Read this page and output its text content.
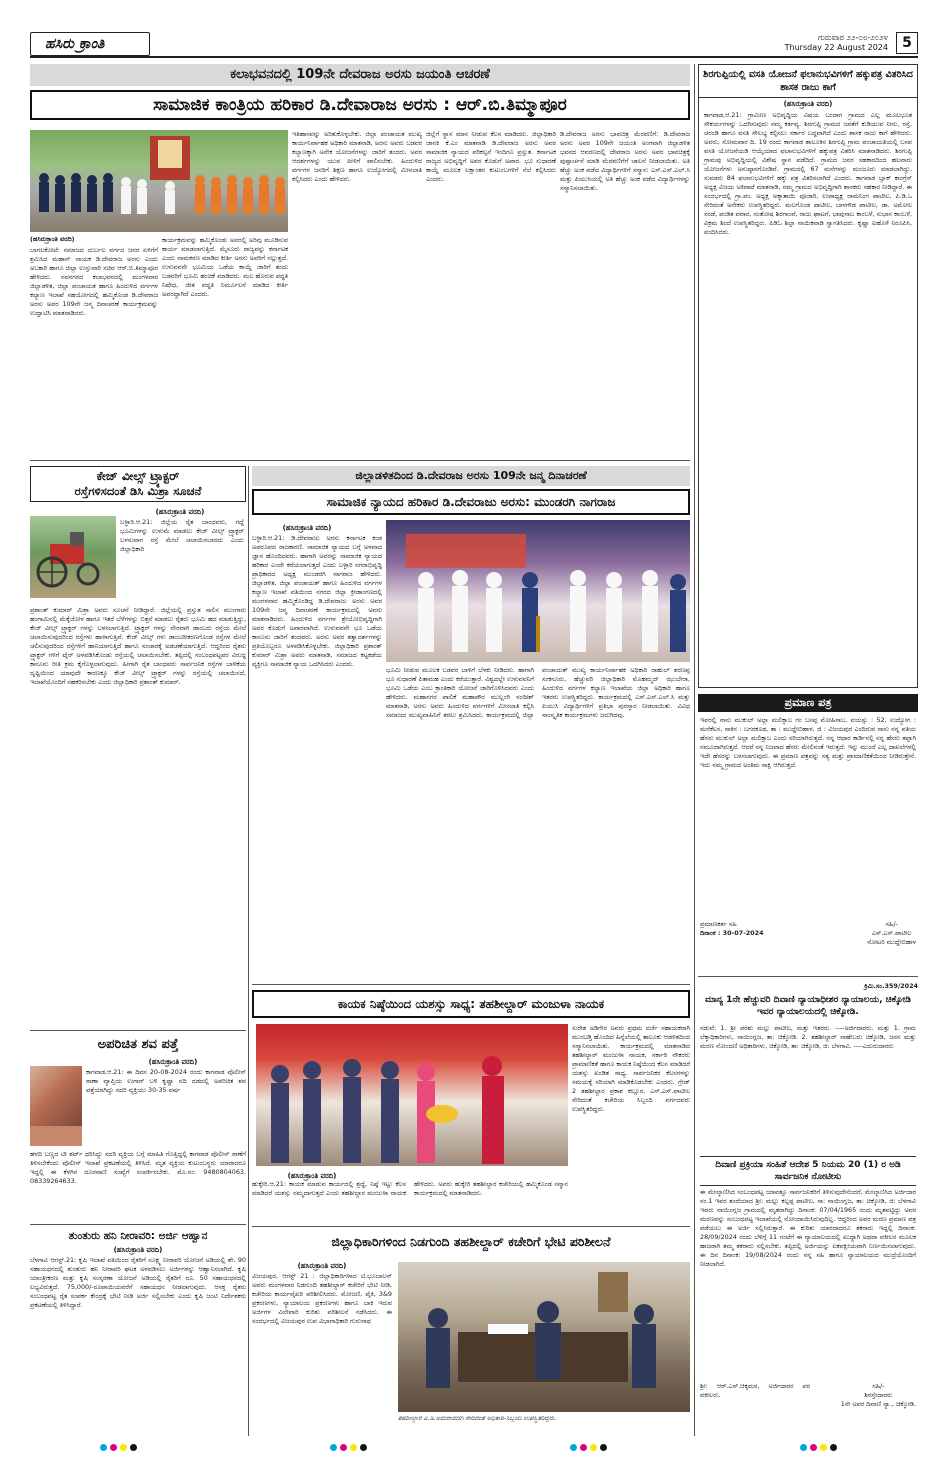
ಹಸಿರು ಕ್ರಾಂತಿ	ಗುರುವಾರ ೨೨-೦೮-೨೦೨೪
Thursday 22 August 2024	5
ಕಲಾಭವನದಲ್ಲಿ 109ನೇ ದೇವರಾಜ ಅರಸು ಜಯಂತಿ ಆಚರಣೆ
ಸಾಮಾಜಿಕ ಕಾಂತ್ರಿಯ ಹರಿಕಾರ ಡಿ.ದೇವಾರಾಜ ಅರಸು : ಆರ್.ಬಿ.ತಿಮ್ಮಾಪೂರ
(ಹಸಿರುಕ್ರಾಂತಿ ವರದಿ)
ಬಾಗಲಕೋಟೆ: ಸಮಾಜದ ದುರ್ಬಲ ವರ್ಗದ ಜನರ ಏಳಿಗೆಗೆ ಶ್ರಮಿಸಿದ ಮಹಾನ್ ನಾಯಕ ಡಿ.ದೇವರಾಜ ಅರಸು ಎಂದು ಅಬಕಾರಿ ಹಾಗೂ ಜಿಲ್ಲಾ ಉಸ್ತುವಾರಿ ಸಚಿವ ಆರ್.ಬಿ.ತಿಮ್ಮಾಪೂರ ಹೇಳಿದರು. ನವನಗರದ ಕಲಾಭವನದಲ್ಲಿ ಮಂಗಳವಾರ ಜಿಲ್ಲಾಡಳಿತ, ಜಿಲ್ಲಾ ಪಂಚಾಯತ ಹಾಗೂ ಹಿಂದುಳಿದ ವರ್ಗಗಳ ಕಲ್ಯಾಣ ಇಲಾಖೆ ಸಹಯೋಗದಲ್ಲಿ ಹಮ್ಮಿಕೊಂಡ ಡಿ.ದೇವರಾಜ ಅರಸು ಅವರ 109ನೇ ಜನ್ಮ ದಿನಾಚರಣೆ ಕಾರ್ಯಕ್ರಮವನ್ನು ಉದ್ಘಾಟಿಸಿ ಮಾತನಾಡಿದರು.
ಕಾರ್ಯಕ್ರಮವನ್ನು ಹಮ್ಮಿಕೊಂಡು ಅವರಲ್ಲಿ ಅರಿವು ಮೂಡಿಸುವ ಕಾರ್ಯ ಮಾಡಲಾಗುತ್ತಿದೆ. ಮೈಸೂರು ರಾಜ್ಯವನ್ನು ಕರ್ನಾಟಕ ಎಂದು ನಾಮಕರಣ ಮಾಡಿದ ಕೀರ್ತಿ ಅರಸು ಅವರಿಗೆ ಸಲ್ಲುತ್ತದೆ. ಉಳುವವನೇ ಭೂಮಿಯ ಒಡೆಯ ಕಾಯ್ದೆ ಜಾರಿಗೆ ತಂದು ಬಡವರಿಗೆ ಭೂಮಿ ಹಂಚಿಕೆ ಮಾಡಿದರು. ಮಲ ಹೊರುವ ಪದ್ಧತಿ ನಿಷೇಧ, ಜೀತ ಪದ್ಧತಿ ನಿರ್ಮೂಲನೆ ಮಾಡಿದ ಕೀರ್ತಿ ಅವರದ್ದಾಗಿದೆ ಎಂದರು.
ಇತಿಹಾಸವನ್ನು ಅರಿತುಕೊಳ್ಳಬೇಕು. ಜಿಲ್ಲಾ ಪಂಚಾಯತ ಮುಖ್ಯ ಕಾರ್ಯನಿರ್ವಾಹಕ ಅಧಿಕಾರಿ ಮಾತನಾಡಿ, ಅರಸು ಅವರು ಬಡವರ ಕಲ್ಯಾಣಕ್ಕಾಗಿ ಅನೇಕ ಯೋಜನೆಗಳನ್ನು ಜಾರಿಗೆ ತಂದರು. ಅವರ ಆದರ್ಶಗಳನ್ನು ಯುವ ಪೀಳಿಗೆ ಪಾಲಿಸಬೇಕು. ಹಿಂದುಳಿದ ವರ್ಗಗಳ ಜನರಿಗೆ ಶಿಕ್ಷಣ ಹಾಗೂ ಉದ್ಯೋಗದಲ್ಲಿ ಮೀಸಲಾತಿ ಕಲ್ಪಿಸಿದರು ಎಂದು ಹೇಳಿದರು.
ಜಿಲ್ಲೆಗೆ ಸ್ಥಾನ ಮಾನ ನೀಡುವ ಕೆಲಸ ಮಾಡಿದರು. ಜಿಲ್ಲಾಧಿಕಾರಿ ಜಾನಕಿ ಕೆ.ಎಂ ಮಾತನಾಡಿ ಡಿ.ದೇವರಾಜ ಅರಸು ಅವರ ಸಾಮಾಜಿಕ ನ್ಯಾಯದ ಪರಿಕಲ್ಪನೆ ಇಂದಿಗೂ ಪ್ರಸ್ತುತ. ಕರ್ನಾಟಕ ರಾಜ್ಯದ ಅಭಿವೃದ್ಧಿಗೆ ಅವರ ಕೊಡುಗೆ ಅಪಾರ. ಭೂ ಸುಧಾರಣೆ ಕಾಯ್ದೆ ಮೂಲಕ ಲಕ್ಷಾಂತರ ಕುಟುಂಬಗಳಿಗೆ ನೆಲೆ ಕಲ್ಪಿಸಿದರು ಎಂದರು.
ಡಿ.ದೇವರಾಜ ಅರಸು ಭಾವಚಿತ್ರ ಮೆರವಣಿಗೆ: ಡಿ.ದೇವರಾಜ ಅರಸು ಅವರ 109ನೇ ಜಯಂತಿ ಅಂಗವಾಗಿ ಜಿಲ್ಲಾಡಳಿತ ಭವನದ ಆವರಣದಲ್ಲಿ ದೇವರಾಜ ಅರಸು ಅವರ ಭಾವಚಿತ್ರಕ್ಕೆ ಪುಷ್ಪಾರ್ಚನೆ ಮಾಡಿ ಮೆರವಣಿಗೆಗೆ ಚಾಲನೆ ನೀಡಲಾಯಿತು. ಅತಿ ಹೆಚ್ಚು ಅಂಕ ಪಡೆದ ವಿದ್ಯಾರ್ಥಿಗಳಿಗೆ ಸನ್ಮಾನ: ಎಸ್.ಎಸ್.ಎಲ್.ಸಿ ಮತ್ತು ಪಿಯುಸಿಯಲ್ಲಿ ಅತಿ ಹೆಚ್ಚು ಅಂಕ ಪಡೆದ ವಿದ್ಯಾರ್ಥಿಗಳನ್ನು ಸನ್ಮಾನಿಸಲಾಯಿತು.
ಶಿರಗುಪ್ಪಿಯಲ್ಲಿ ವಸತಿ ಯೋಜನೆ ಫಲಾನುಭವಿಗಳಿಗೆ ಹಕ್ಕುಪತ್ರ ವಿತರಿಸಿದ ಶಾಸಕ ರಾಜು ಕಾಗೆ
(ಹಸಿರುಕ್ರಾಂತಿ ವರದಿ)
ಕಾಗವಾಡ,ಆ.21: ಗ್ರಾಮೀಣ ಅಭಿವೃದ್ಧಿಯ ವಿಷಯ ಬಂದಾಗ ಗ್ರಾಮದ ಎಲ್ಲ ಮೂಲಭೂತ ಸೌಕರ್ಯಗಳನ್ನು ಒದಗಿಸುವುದು ನಮ್ಮ ಕರ್ತವ್ಯ. ಶಿರಗುಪ್ಪಿ ಗ್ರಾಮದ ಜನತೆಗೆ ಕುಡಿಯುವ ನೀರು, ರಸ್ತೆ, ಚರಂಡಿ ಹಾಗೂ ವಸತಿ ಸೌಲಭ್ಯ ಕಲ್ಪಿಸಲು ಸರ್ಕಾರ ಬದ್ಧವಾಗಿದೆ ಎಂದು ಶಾಸಕ ರಾಜು ಕಾಗೆ ಹೇಳಿದರು. ಅವರು, ಸೋಮವಾರ ದಿ. 19 ರಂದು ಕಾಗವಾಡ ತಾಲೂಕಿನ ಶಿರಗುಪ್ಪಿ ಗ್ರಾಮ ಪಂಚಾಯತಿಯಲ್ಲಿ ಬಸವ ವಸತಿ ಯೋಜನೆಯಡಿ ಆಯ್ಕೆಯಾದ ಫಲಾನುಭವಿಗಳಿಗೆ ಹಕ್ಕುಪತ್ರ ವಿತರಿಸಿ ಮಾತನಾಡಿದರು. ಶಿರಗುಪ್ಪಿ ಗ್ರಾಮವು ಅಭಿವೃದ್ಧಿಯಲ್ಲಿ ವಿಶೇಷ ಸ್ಥಾನ ಪಡೆದಿದೆ. ಗ್ರಾಮದ ಜನರ ಸಹಕಾರದಿಂದ ಹಲವಾರು ಯೋಜನೆಗಳು ಅನುಷ್ಠಾನಗೊಂಡಿವೆ. ಗ್ರಾಮದಲ್ಲಿ 67 ಮನೆಗಳನ್ನು ಮಂಜೂರು ಮಾಡಲಾಗಿದ್ದು, ಸುಮಾರು 84 ಫಲಾನುಭವಿಗಳಿಗೆ ಹಕ್ಕು ಪತ್ರ ವಿತರಿಸಲಾಗಿದೆ ಎಂದರು. ಕಾಗವಾಡ ಬ್ಲಾಕ್ ಕಾಂಗ್ರೆಸ್ ಅಧ್ಯಕ್ಷ ವಿಜಯ ಅಕಿವಾಟೆ ಮಾತನಾಡಿ, ನಮ್ಮ ಗ್ರಾಮದ ಅಭಿವೃದ್ಧಿಗಾಗಿ ಶಾಸಕರು ಸಹಕಾರ ನೀಡಿದ್ದಾರೆ. ಈ ಸಂದರ್ಭದಲ್ಲಿ ಗ್ರಾ.ಪಂ. ಅಧ್ಯಕ್ಷ ಅಕ್ಕಾತಾಯಿ ಪೂಜಾರಿ, ಉಪಾಧ್ಯಕ್ಷ ರಾಮನಿಂಗ ಪಾಟೀಲ, ಪಿ.ಡಿ.ಒ ಸೇರಿದಂತೆ ಅನೇಕರು ಉಪಸ್ಥಿತರಿದ್ದರು. ಮಲಗೊಂಡ ಪಾಟೀಲ, ಬಾಳಗೌಡ ಪಾಟೀಲ, ಡಾ. ಅಮೋಲ ಸರಡೆ, ಪಂಡಿತ ಪವಾರ, ಸಂತೋಷ ಶಿರಗಾಂವೆ, ರಾಜು ಘಾಟಗೆ, ಭಾವುಸಾಬ ಕಾಂಬಳೆ, ಸುಭಾಸ ಕಾಂಬಳೆ, ವಿಕ್ರಮ ಶಿಂದೆ ಉಪಸ್ಥಿತರಿದ್ದರು. ಪಿಡಿಓ ಶಿಲ್ಪಾ ನಾಯಿಕವಾಡಿ ಸ್ವಾಗತಿಸಿದರು. ಕೃಷ್ಣಾ ಐಹೊಳೆ ನಿರೂಪಿಸಿ, ವಂದಿಸಿದರು.
ಪ್ರಮಾಣ ಪತ್ರ
ಇವರಲ್ಲಿ ನಾನು ಮುಕುಲ್ ಅಲ್ಲಾ ಮಲಿಕ್ಸಾಬ ಗಂ ಬಸಪ್ಪ ಮೋಹಿಸಾಬ, ವಯಸ್ಸು : 52, ಉದ್ಯೋಗ : ಮನೆಕೆಲಸ, ಸಾಕಿನ : ಬಗರಕೂಡ, ತಾ : ಮುದ್ದೇಬಿಹಾಳ, ಜಿ : ವಿಜಯಪುರ ಎಂದಿರುವ ನಾನು ನನ್ನ ಪತಿಯ ಹೆಸರು ಮುಕುಲ್ ಅಲ್ಲಾ ಮಲಿಕ್ಸಾಬ ಎಂದು ಸರಿಯಾಗಿರುತ್ತದೆ. ನನ್ನ ಆಧಾರ ಕಾರ್ಡಿನಲ್ಲಿ ನನ್ನ ಹೆಸರು ತಪ್ಪಾಗಿ ನಮೂದಾಗಿರುತ್ತದೆ. ಆದರೆ ನನ್ನ ನಿಜವಾದ ಹೆಸರು ಮೇಲಿನಂತೆ ಇರುತ್ತದೆ. ಇನ್ನು ಮುಂದೆ ಎಲ್ಲ ದಾಖಲೆಗಳಲ್ಲಿ ಇದೇ ಹೆಸರನ್ನು ಬಳಸಲಾಗುವುದು. ಈ ಪ್ರಮಾಣ ಪತ್ರವನ್ನು ಸತ್ಯ ಮತ್ತು ಪ್ರಾಮಾಣಿಕತೆಯಿಂದ ನೀಡಿರುತ್ತೇನೆ. ಇದು ನಮ್ಮ ಗ್ರಾಮದ ಅಂತಿಮ ಸಾಕ್ಷಿ ಆಗಿರುತ್ತದೆ.
ಪ್ರಮಾಣಕರ್ತ ಸಹಿ
ದಿನಾಂಕ : 30-07-2024
ಸಹಿ/-
ಎಸ್.ಎಸ್.ಪಾಟೀಲ
ನೋಟರಿ ಮುದ್ದೇಬಿಹಾಳ
ಕ್ರಿಮಿ.ಸಂ.359/2024
ಮಾನ್ಯ 1ನೇ ಹೆಚ್ಚುವರಿ ದಿವಾಣಿ ನ್ಯಾಯಾಧೀಶರ ನ್ಯಾಯಾಲಯ, ಚಿಕ್ಕೋಡಿ ಇವರ ನ್ಯಾಯಾಲಯದಲ್ಲಿ ಚಿಕ್ಕೋಡಿ.
ನಡುವೆ: 1. ಶ್ರೀ ಪರಶು ಮಲ್ಲು ಪಾಟೀಲ, ಮತ್ತು ಇತರರು. ----ಅರ್ಜಿದಾರರು. ಮತ್ತು 1. ಗ್ರಾಮ ಲೆಕ್ಕಾಧಿಕಾರಿಗಳು, ನಾಯಿಂಗ್ಲಜ, ತಾ: ಚಿಕ್ಕೋಡಿ. 2. ತಹಶೀಲ್ದಾರ್ ಸಾಹೇಬರು ಚಿಕ್ಕೋಡಿ, ಜನನ ಮತ್ತು ಮರಣ ನೋಂದಣಿ ಅಧಿಕಾರಿಗಳು, ಚಿಕ್ಕೋಡಿ, ತಾ: ಚಿಕ್ಕೋಡಿ, ಜಿ: ಬೆಳಗಾವಿ. ----ಎದುರುದಾರರು
ದಿವಾಣಿ ಪ್ರಕ್ರಿಯಾ ಸಂಹಿತೆ ಆದೇಶ 5 ನಿಯಮ 20 (1) ರ ಅಡಿ ಸಾರ್ವಜನಿಕ ನೋಟೀಸು
ಈ ಮೇಲ್ಕಾಣಿಸಿದ ಸಂಬಂಧಪಟ್ಟ ಯಾವತ್ತೂ ಸಾರ್ವಜನಿಕರಿಗೆ ತಿಳಿಸುವುದೇನೆಂದರೆ, ಮೇಲ್ಕಾಣಿಸಿದ ಅರ್ಜಿದಾರ ನಂ.1 ಇವರ ತಂದೆಯಾದ ಶ್ರೀ: ಮಲ್ಲು ಕಲ್ಲಪ್ಪ ಪಾಟೀಲ, ಸಾ: ನಾಯಿಂಗ್ಲಜ, ತಾ: ಚಿಕ್ಕೋಡಿ, ಜಿ: ಬೆಳಗಾವಿ ಇವರು ನಾಯಿಂಗ್ಲಜ ಗ್ರಾಮದಲ್ಲಿ ಮೃತರಾಗಿದ್ದು ದಿನಾಂಕ: 07/04/1965 ರಂದು ಮೃತಪಟ್ಟಿದ್ದು ಅವರ ಮರಣವನ್ನು ಸಂಬಂಧಪಟ್ಟ ಇಲಾಖೆಯಲ್ಲಿ ನೋಂದಾಯಿಸಿರುವುದಿಲ್ಲ. ಆದ್ದರಿಂದ ಅವರ ಮರಣ ಪ್ರಮಾಣ ಪತ್ರ ಪಡೆಯಲು ಈ ಅರ್ಜಿ ಸಲ್ಲಿಸಿರುತ್ತಾರೆ. ಈ ಕುರಿತು ಯಾರದಾದರೂ ತಕರಾರು ಇದ್ದಲ್ಲಿ ದಿನಾಂಕ: 28/09/2024 ರಂದು ಬೆಳಿಗ್ಗೆ 11 ಗಂಟೆಗೆ ಈ ನ್ಯಾಯಾಲಯದಲ್ಲಿ ಖುದ್ದಾಗಿ ಅಥವಾ ವಕೀಲರ ಮೂಲಕ ಹಾಜರಾಗಿ ತಮ್ಮ ತಕರಾರು ಸಲ್ಲಿಸಬೇಕು. ತಪ್ಪಿದಲ್ಲಿ ಅರ್ಜಿಯನ್ನು ಏಕಪಕ್ಷೀಯವಾಗಿ ನಿರ್ಣಯಿಸಲಾಗುವುದು. ಈ ದಿನ ದಿನಾಂಕ: 19/08/2024 ರಂದು ನನ್ನ ಸಹಿ ಹಾಗೂ ನ್ಯಾಯಾಲಯದ ಮುದ್ರೆಯೊಂದಿಗೆ ನೀಡಲಾಗಿದೆ.
ಶ್ರೀ: ಆರ್.ಎಸ್.ಚಿಕ್ಕಮಠ, ಅರ್ಜಿದಾರರ ಪರ ವಕೀಲರು.
ಸಹಿ/-
ಶಿರಸ್ತೇದಾರರು
1ನೇ ಅಪರ ದಿವಾಣಿ ನ್ಯಾ., ಚಿಕ್ಕೋಡಿ.
ಕೇಜ್ ವೀಲ್ಸ್ ಟ್ರ್ಯಾಕ್ಟರ್
ರಸ್ತೆಗಳಿಸದಂತೆ ಡಿಸಿ ಮಿಶ್ರಾ ಸೂಚನೆ
(ಹಸಿರುಕ್ರಾಂತಿ ವರದಿ)
ಬಳ್ಳಾರಿ.ಆ.21: ಜಿಲ್ಲೆಯ ರೈತ ಬಾಂಧವರು, ಗದ್ದೆ ಭೂಮಿಗಳನ್ನು ಉಳುಮೆ ಮಾಡಲು ಕೇಜ್ ವೀಲ್ಸ್ ಟ್ರ್ಯಾಕ್ಟರ್ ಬಳಸುವಾಗ ರಸ್ತೆ ಮೇಲೆ ಚಲಾಯಿಸಬಾರದು ಎಂದು ಜಿಲ್ಲಾಧಿಕಾರಿ
ಪ್ರಶಾಂತ್ ಕುಮಾರ್ ಮಿಶ್ರಾ ಅವರು ಸೂಚನೆ ನೀಡಿದ್ದಾರೆ. ಜಿಲ್ಲೆಯಲ್ಲಿ ಪ್ರಸ್ತುತ ಸಾಲಿನ ಮುಂಗಾರು ಹಂಗಾಮಿನಲ್ಲಿ ಮೆಕ್ಕೆಜೋಳ ಹಾಗೂ ಇತರೆ ಬೆಳೆಗಳನ್ನು ಬಿತ್ತನೆ ಮಾಡಲು ರೈತರು ಭೂಮಿ ಹದ ಮಾಡುತ್ತಿದ್ದು, ಕೇಜ್ ವೀಲ್ಸ್ ಟ್ರ್ಯಾಕ್ಟರ್ ಗಳನ್ನು ಬಳಸಲಾಗುತ್ತಿದೆ. ಟ್ರ್ಯಾಕ್ಟರ್ ಗಳನ್ನು ನೇರವಾಗಿ ಡಾಂಬರು ರಸ್ತೆಯ ಮೇಲೆ ಚಲಾಯಿಸುವುದರಿಂದ ರಸ್ತೆಗಳು ಹಾಳಾಗುತ್ತಿವೆ. ಕೇಜ್ ವೀಲ್ಸ್ ಗಳು ಡಾಂಬರೀಕರಣಗೊಂಡ ರಸ್ತೆಗಳ ಮೇಲೆ ಚಲಿಸುವುದರಿಂದ ರಸ್ತೆಗಳಿಗೆ ಹಾನಿಯಾಗುತ್ತಿದೆ ಹಾಗೂ ಸಂಚಾರಕ್ಕೆ ಅಡಚಣೆಯಾಗುತ್ತಿದೆ. ಆದ್ದರಿಂದ ರೈತರು ಟ್ರ್ಯಾಕ್ಟರ್ ಗಳಿಗೆ ಟೈರ್ ಅಳವಡಿಸಿಕೊಂಡು ರಸ್ತೆಯಲ್ಲಿ ಚಲಾಯಿಸಬೇಕು. ತಪ್ಪಿದಲ್ಲಿ ಸಂಬಂಧಪಟ್ಟವರ ವಿರುದ್ಧ ಕಾನೂನು ರೀತಿ ಕ್ರಮ ಕೈಗೊಳ್ಳಲಾಗುವುದು. ಹೀಗಾಗಿ ರೈತ ಬಾಂಧವರು ಸಾರ್ವಜನಿಕ ರಸ್ತೆಗಳ ಬಾಳಿಕೆಯ ದೃಷ್ಟಿಯಿಂದ ಯಾವುದೇ ಕಾರಣಕ್ಕೂ ಕೇಜ್ ವೀಲ್ಸ್ ಟ್ರ್ಯಾಕ್ಟರ್ ಗಳನ್ನು ರಸ್ತೆಯಲ್ಲಿ ಚಲಾಯಿಸದೆ, ಇಲಾಖೆಯೊಂದಿಗೆ ಸಹಕರಿಸಬೇಕು ಎಂದು ಜಿಲ್ಲಾಧಿಕಾರಿ ಪ್ರಶಾಂತ್ ಕುಮಾರ್.
ಅಪರಿಚಿತ ಶವ ಪತ್ತೆ
(ಹಸಿರುಕ್ರಾಂತಿ ವರದಿ)
ಕಾಗವಾಡ,ಆ.21: ಈ ದಿವಸ 20-08-2024 ರಂದು ಕಾಗವಾಡ ಪೊಲೀಸ್ ಠಾಣಾ ವ್ಯಾಪ್ತಿಯ ಉಗಾರ್ ಬಳಿ ಕೃಷ್ಣಾ ನದಿ ದಡದಲ್ಲಿ ಅಪರಿಚಿತ ಶವ ಪತ್ತೆಯಾಗಿದ್ದು ಸದರಿ ವ್ಯಕ್ತಿಯು 30-35 ವರ್ಷ
ಹಳದಿ ಬಣ್ಣದ ಟೀ ಶರ್ಟ್ ಧರಿಸಿದ್ದು ಸದರಿ ವ್ಯಕ್ತಿಯ ಬಗ್ಗೆ ಮಾಹಿತಿ ಗೊತ್ತಿದ್ದಲ್ಲಿ ಕಾಗವಾಡ ಪೊಲೀಸ್ ಠಾಣೆಗೆ ತಿಳಿಸಬೇಕೆಂದು ಪೊಲೀಸ್ ಇಲಾಖೆ ಪ್ರಕಟಣೆಯಲ್ಲಿ ತಿಳಿಸಿದೆ. ಮೃತ ವ್ಯಕ್ತಿಯ ಕುಟುಂಬಸ್ಥರು ಯಾರಾದರೂ ಇದ್ದಲ್ಲಿ ಈ ಕೆಳಗಿನ ದೂರವಾಣಿ ಸಂಖ್ಯೆಗೆ ಸಂಪರ್ಕಿಸಬೇಕು. ಮೊ.ನಂ: 9480804063, 08339264633.
ತುಂತುರು ಹನಿ ನೀರಾವರಿ: ಅರ್ಜಿ ಆಹ್ವಾನ
(ಹಸಿರುಕ್ರಾಂತಿ ವರದಿ)
ಬೆಳಗಾವಿ ಆಗಸ್ಟ್.21: ಕೃಷಿ ಇಲಾಖೆ ವತಿಯಿಂದ ರೈತರಿಗೆ ಸೂಕ್ಷ್ಮ ನೀರಾವರಿ ಯೋಜನೆ ಅಡಿಯಲ್ಲಿ ಶೇ. 90 ಸಹಾಯಧನದಲ್ಲಿ ತುಂತುರು ಹನಿ ನೀರಾವರಿ ಘಟಕ ಅಳವಡಿಸಲು ಅರ್ಜಿಗಳನ್ನು ಆಹ್ವಾನಿಸಲಾಗಿದೆ. ಕೃಷಿ ಯಾಂತ್ರೀಕರಣ ಮತ್ತು ಕೃಷಿ ಸಂಸ್ಕರಣಾ ಯೋಜನೆ ಅಡಿಯಲ್ಲಿ ರೈತರಿಗೆ ರೂ. 50 ಸಹಾಯಧನದಲ್ಲಿ ಲಭ್ಯವಿರುತ್ತದೆ. 75,000/-ರೂಪಾಯಿಯವರೆಗೆ ಸಹಾಯಧನ ನೀಡಲಾಗುವುದು. ಆಸಕ್ತ ರೈತರು ಸಂಬಂಧಪಟ್ಟ ರೈತ ಸಂಪರ್ಕ ಕೇಂದ್ರಕ್ಕೆ ಭೇಟಿ ನೀಡಿ ಅರ್ಜಿ ಸಲ್ಲಿಸಬೇಕು ಎಂದು ಕೃಷಿ ಜಂಟಿ ನಿರ್ದೇಶಕರು ಪ್ರಕಟಣೆಯಲ್ಲಿ ತಿಳಿಸಿದ್ದಾರೆ.
ಜಿಲ್ಲಾಡಳಿತದಿಂದ ಡಿ.ದೇವರಾಜ ಅರಸು 109ನೇ ಜನ್ಮ ದಿನಾಚರಣೆ
ಸಾಮಾಜಿಕ ನ್ಯಾಯದ ಹರಿಕಾರ ಡಿ.ದೇವರಾಜು ಅರಸು: ಮುಂಡರಗಿ ನಾಗರಾಜ
(ಹಸಿರುಕ್ರಾಂತಿ ವರದಿ)
ಬಳ್ಳಾರಿ.ಆ.21: ಡಿ.ದೇವರಾಜು ಅರಸು ಕರ್ನಾಟಕ ಕಂಡ ಅಪರೂಪದ ರಾಜಕಾರಣಿ. ಸಾಮಾಜಿಕ ನ್ಯಾಯದ ಬಗ್ಗೆ ಅಳವಾದ ಜ್ಞಾನ ಹೊಂದಿದವರು. ಹಾಗಾಗಿ ಅವರನ್ನು ಸಾಮಾಜಿಕ ನ್ಯಾಯದ ಹರಿಕಾರ ಎಂದೇ ಕರೆಯಲಾಗುತ್ತದೆ ಎಂದು ಬಳ್ಳಾರಿ ನಗರಾಭಿವೃದ್ಧಿ ಪ್ರಾಧಿಕಾರದ ಅಧ್ಯಕ್ಷ ಮುಂಡರಗಿ ನಾಗರಾಜ ಹೇಳಿದರು. ಜಿಲ್ಲಾಡಳಿತ, ಜಿಲ್ಲಾ ಪಂಚಾಯತ್ ಹಾಗೂ ಹಿಂದುಳಿದ ವರ್ಗಗಳ ಕಲ್ಯಾಣ ಇಲಾಖೆ ವತಿಯಿಂದ ನಗರದ ಜಿಲ್ಲಾ ಕ್ರೀಡಾಂಗಣದಲ್ಲಿ ಮಂಗಳವಾರ ಹಮ್ಮಿಕೊಂಡಿದ್ದ ಡಿ.ದೇವರಾಜು ಅರಸು ಅವರ 109ನೇ ಜನ್ಮ ದಿನಾಚರಣೆ ಕಾರ್ಯಕ್ರಮದಲ್ಲಿ ಅವರು ಮಾತನಾಡಿದರು. ಹಿಂದುಳಿದ ವರ್ಗಗಳ ಶ್ರೇಯೋಭಿವೃದ್ಧಿಗಾಗಿ ಅವರ ಕೊಡುಗೆ ಅಪಾರವಾಗಿದೆ. ಉಳುವವನೇ ಭೂ ಒಡೆಯ ಕಾನೂನು ಜಾರಿಗೆ ತಂದವರು. ಅರಸು ಅವರ ತತ್ವಾದರ್ಶಗಳನ್ನು ಪ್ರತಿಯೊಬ್ಬರೂ ಅಳವಡಿಸಿಕೊಳ್ಳಬೇಕು. ಜಿಲ್ಲಾಧಿಕಾರಿ ಪ್ರಶಾಂತ್ ಕುಮಾರ್ ಮಿಶ್ರಾ ಅವರು ಮಾತನಾಡಿ, ಸಮಾಜದ ಕಟ್ಟಕಡೆಯ ವ್ಯಕ್ತಿಗೂ ಸಾಮಾಜಿಕ ನ್ಯಾಯ ಒದಗಿಸಿದರು ಎಂದರು.
ಭೂಮಿ ನೀಡುವ ಮೂಲಕ ಬಡವರ ಬಾಳಿಗೆ ಬೆಳಕು ನೀಡಿದರು. ಹಾಗಾಗಿ ಭೂ ಸುಧಾರಣೆ ಪಿತಾಮಹ ಎಂದು ಕರೆಯುತ್ತಾರೆ. ವಿಶ್ವದಲ್ಲೇ ಉಳುವವನಿಗೆ ಭೂಮಿ ಒಡೆಯ ಎಂಬ ಕ್ರಾಂತಿಕಾರಿ ಯೋಜನೆ ಜಾರಿಗೊಳಿಸಿದವರು ಎಂದು ಹೇಳಿದರು. ಮಹಾನಗರ ಪಾಲಿಕೆ ಮಹಾಪೌರ ಮುಲ್ಲಂಗಿ ನಂದೀಶ್ ಮಾತನಾಡಿ, ಅರಸು ಅವರು ಹಿಂದುಳಿದ ವರ್ಗಗಳಿಗೆ ಮೀಸಲಾತಿ ಕಲ್ಪಿಸಿ ಸಮಾಜದ ಮುಖ್ಯವಾಹಿನಿಗೆ ತರಲು ಶ್ರಮಿಸಿದರು. ಕಾರ್ಯಕ್ರಮದಲ್ಲಿ ಜಿಲ್ಲಾ ಪಂಚಾಯತ್ ಮುಖ್ಯ ಕಾರ್ಯನಿರ್ವಾಹಕ ಅಧಿಕಾರಿ ರಾಹುಲ್ ಶರಣಪ್ಪ ಸಂಕನೂರು, ಹೆಚ್ಚುವರಿ ಜಿಲ್ಲಾಧಿಕಾರಿ ಮೊಹಮ್ಮದ್ ಝುಬೇರಾ, ಹಿಂದುಳಿದ ವರ್ಗಗಳ ಕಲ್ಯಾಣ ಇಲಾಖೆಯ ಜಿಲ್ಲಾ ಅಧಿಕಾರಿ ಹಾಗೂ ಇತರರು ಉಪಸ್ಥಿತರಿದ್ದರು. ಕಾರ್ಯಕ್ರಮದಲ್ಲಿ ಎಸ್.ಎಸ್.ಎಲ್.ಸಿ ಮತ್ತು ಪಿಯುಸಿ ವಿದ್ಯಾರ್ಥಿಗಳಿಗೆ ಪ್ರತಿಭಾ ಪುರಸ್ಕಾರ ನೀಡಲಾಯಿತು. ವಿವಿಧ ಸಾಂಸ್ಕೃತಿಕ ಕಾರ್ಯಕ್ರಮಗಳು ಜರುಗಿದವು.
ಕಾಯಕ ನಿಷ್ಠೆಯಿಂದ ಯಶಸ್ಸು ಸಾಧ್ಯ: ತಹಶೀಲ್ದಾರ್ ಮಂಜುಳಾ ನಾಯಕ
(ಹಸಿರುಕ್ರಾಂತಿ ವರದಿ)
ಸುರೇಶ ಅಡಿಗೇರ ಅವರು ಪ್ರಥಮ ದರ್ಜೆ ಸಹಾಯಕರಾಗಿ ಮುಂಬಡ್ತಿ ಹೊಂದಿದ ಹಿನ್ನೆಲೆಯಲ್ಲಿ ತಾಲೂಕು ಆಡಳಿತದಿಂದ ಸನ್ಮಾನಿಸಲಾಯಿತು. ಕಾರ್ಯಕ್ರಮದಲ್ಲಿ ಮಾತನಾಡಿದ ತಹಶೀಲ್ದಾರ್ ಮಂಜುಳಾ ನಾಯಕ, ಸರ್ಕಾರಿ ನೌಕರರು ಪ್ರಾಮಾಣಿಕತೆ ಹಾಗೂ ಕಾಯಕ ನಿಷ್ಠೆಯಿಂದ ಕೆಲಸ ಮಾಡಿದರೆ ಯಶಸ್ಸು ಖಂಡಿತ ಸಾಧ್ಯ. ಸಾರ್ವಜನಿಕರ ಕೆಲಸಗಳನ್ನು ಸಮಯಕ್ಕೆ ಸರಿಯಾಗಿ ಮಾಡಿಕೊಡಬೇಕು ಎಂದರು. ಗ್ರೇಡ್ 2 ತಹಶೀಲ್ದಾರ ಪ್ರಕಾಶ ಕಲ್ಲೂರ, ಎಸ್.ಎಸ್.ಪಾಟೀಲ ಸೇರಿದಂತೆ ಕಚೇರಿಯ ಸಿಬ್ಬಂದಿ ವರ್ಗದವರು ಉಪಸ್ಥಿತರಿದ್ದರು.
ಹುಕ್ಕೇರಿ.ಆ.21: ಕಾಯಕ ಮಾಡುವ ಕಾರ್ಯದಲ್ಲಿ ಶ್ರದ್ಧೆ, ನಿಷ್ಠೆ ಇಟ್ಟು ಕೆಲಸ ಮಾಡಿದರೆ ಯಶಸ್ಸು ನಮ್ಮದಾಗುತ್ತದೆ ಎಂದು ತಹಶೀಲ್ದಾರ ಮಂಜುಳಾ ನಾಯಕ ಹೇಳಿದರು. ಅವರು ಹುಕ್ಕೇರಿ ತಹಶೀಲ್ದಾರ ಕಚೇರಿಯಲ್ಲಿ ಹಮ್ಮಿಕೊಂಡ ಸನ್ಮಾನ ಕಾರ್ಯಕ್ರಮದಲ್ಲಿ ಮಾತನಾಡಿದರು.
ಜಿಲ್ಲಾಧಿಕಾರಿಗಳಿಂದ ನಿಡಗುಂದಿ ತಹಶೀಲ್ದಾರ್ ಕಚೇರಿಗೆ ಭೇಟಿ ಪರಿಶೀಲನೆ
(ಹಸಿರುಕ್ರಾಂತಿ ವರದಿ)
ವಿಜಯಪುರ, ಆಗಸ್ಟ್ 21 : ಜಿಲ್ಲಾಧಿಕಾರಿಗಳಾದ ಟಿ.ಭೂಬಾಲನ್ ಅವರು ಮಂಗಳವಾರ ನಿಡಗುಂದಿ ತಹಶೀಲ್ದಾರ್ ಕಚೇರಿಗೆ ಭೇಟಿ ನೀಡಿ, ಕಚೇರಿಯ ಕಾರ್ಯವೈಖರಿ ಪರಿಶೀಲಿಸಿದರು. ಮೋಜಣಿ, ಪೈಕಿ, 3&9 ಪ್ರಕರಣಗಳು, ನ್ಯಾಯಾಲಯ ಪ್ರಕರಣಗಳು ಹಾಗೂ ಬಾಕಿ ಇರುವ ಅರ್ಜಿಗಳ ವಿಲೇವಾರಿ ಕುರಿತು ಪರಿಶೀಲನೆ ನಡೆಸಿದರು. ಈ ಸಂದರ್ಭದಲ್ಲಿ ವಿಜಯಪುರ ಉಪ ವಿಭಾಗಾಧಿಕಾರಿ ಗುರುನಾಥ
ತಹಶೀಲ್ದಾರ ಎ.ಡಿ.ಅಮರಾವದಗಿ ಸೇರಿದಂತೆ ಅಧಿಕಾರಿ-ಸಿಬ್ಬಂದಿ ಉಪಸ್ಥಿತರಿದ್ದರು.
